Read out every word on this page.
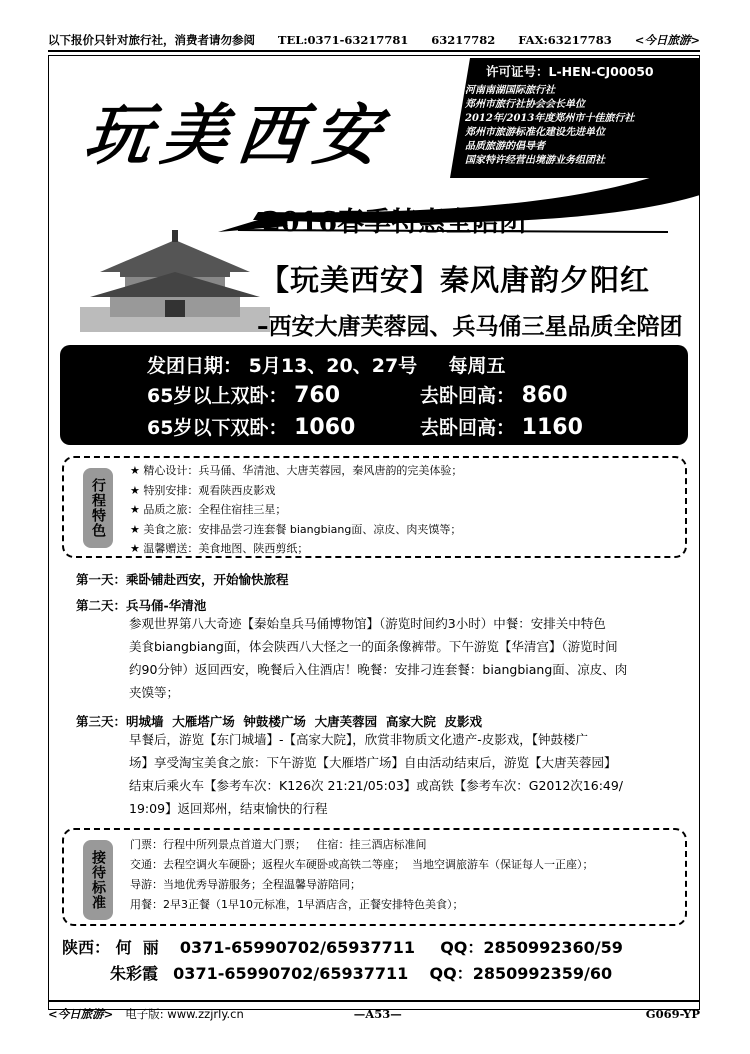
以下报价只针对旅行社，消费者请勿参阅 TEL:0371-63217781 63217782 FAX:63217783 <今日旅游>
许可证号：L-HEN-CJ00050
河南南湖国际旅行社
郑州市旅行社协会会长单位
2012年/2013年度郑州市十佳旅行社
郑州市旅游标准化建设先进单位
品质旅游的倡导者
国家特许经营出境游业务组团社
玩美西安
2016春季特惠全陪团
【玩美西安】秦风唐韵夕阳红
–西安大唐芙蓉园、兵马俑三星品质全陪团
发团日期： 5月13、20、27号 每周五
65岁以上双卧： 760	去卧回高： 860
65岁以下双卧： 1060	去卧回高： 1160
行程特色
★ 精心设计：兵马俑、华清池、大唐芙蓉园，秦风唐韵的完美体验；
★ 特别安排：观看陕西皮影戏
★ 品质之旅：全程住宿挂三星；
★ 美食之旅：安排品尝刁连套餐 biangbiang面、凉皮、肉夹馍等；
★ 温馨赠送：美食地图、陕西剪纸；
第一天：乘卧铺赴西安，开始愉快旅程
第二天：兵马俑-华清池
参观世界第八大奇迹【秦始皇兵马俑博物馆】（游览时间约3小时）中餐：安排关中特色
美食biangbiang面，体会陕西八大怪之一的面条像裤带。下午游览【华清宫】（游览时间
约90分钟）返回西安，晚餐后入住酒店！晚餐：安排刁连套餐：biangbiang面、凉皮、肉
夹馍等；
第三天：明城墙  大雁塔广场  钟鼓楼广场  大唐芙蓉园  高家大院  皮影戏
早餐后，游览【东门城墙】-【高家大院】，欣赏非物质文化遗产-皮影戏，【钟鼓楼广
场】享受淘宝美食之旅：下午游览【大雁塔广场】自由活动结束后，游览【大唐芙蓉园】
结束后乘火车【参考车次：K126次 21:21/05:03】或高铁【参考车次：G2012次16:49/
19:09】返回郑州，结束愉快的行程
接待标准
门票：行程中所列景点首道大门票；   住宿：挂三酒店标准间
交通：去程空调火车硬卧；返程火车硬卧或高铁二等座；  当地空调旅游车（保证每人一正座）；
导游：当地优秀导游服务；全程温馨导游陪同；
用餐：2早3正餐（1早10元标准，1早酒店含，正餐安排特色美食）；
陕西： 何  丽 0371-65990702/65937711 QQ：2850992360/59
朱彩霞 0371-65990702/65937711 QQ：2850992359/60
<今日旅游> 电子版: www.zzjrly.cn	—A53—	G069-YP
